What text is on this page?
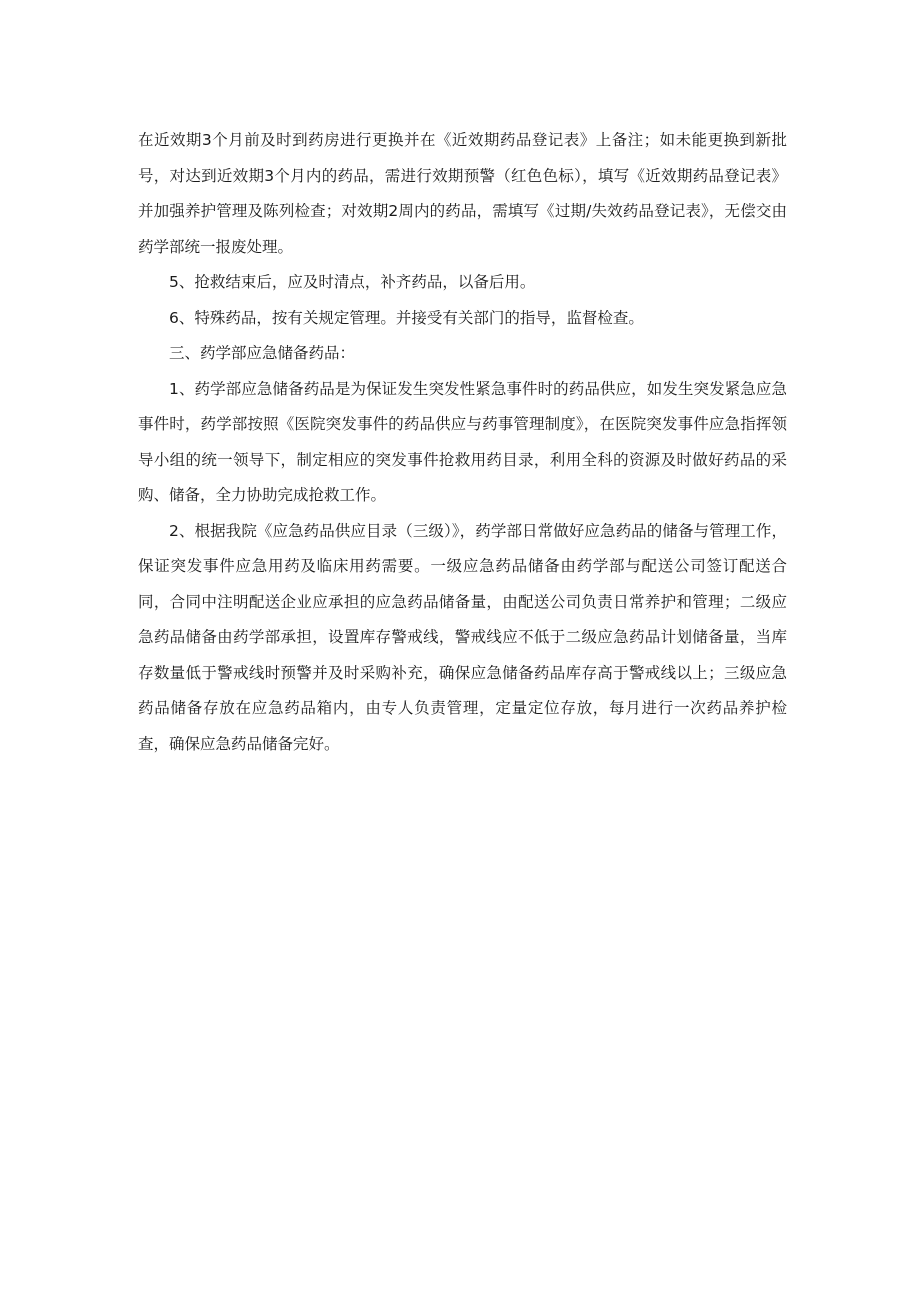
在近效期3个月前及时到药房进行更换并在《近效期药品登记表》上备注；如未能更换到新批号，对达到近效期3个月内的药品，需进行效期预警（红色色标），填写《近效期药品登记表》并加强养护管理及陈列检查；对效期2周内的药品，需填写《过期/失效药品登记表》，无偿交由药学部统一报废处理。

5、抢救结束后，应及时清点，补齐药品，以备后用。

6、特殊药品，按有关规定管理。并接受有关部门的指导，监督检查。

三、药学部应急储备药品：

1、药学部应急储备药品是为保证发生突发性紧急事件时的药品供应，如发生突发紧急应急事件时，药学部按照《医院突发事件的药品供应与药事管理制度》，在医院突发事件应急指挥领导小组的统一领导下，制定相应的突发事件抢救用药目录，利用全科的资源及时做好药品的采购、储备，全力协助完成抢救工作。

2、根据我院《应急药品供应目录（三级）》，药学部日常做好应急药品的储备与管理工作，保证突发事件应急用药及临床用药需要。一级应急药品储备由药学部与配送公司签订配送合同，合同中注明配送企业应承担的应急药品储备量，由配送公司负责日常养护和管理；二级应急药品储备由药学部承担，设置库存警戒线，警戒线应不低于二级应急药品计划储备量，当库存数量低于警戒线时预警并及时采购补充，确保应急储备药品库存高于警戒线以上；三级应急药品储备存放在应急药品箱内，由专人负责管理，定量定位存放，每月进行一次药品养护检查，确保应急药品储备完好。
